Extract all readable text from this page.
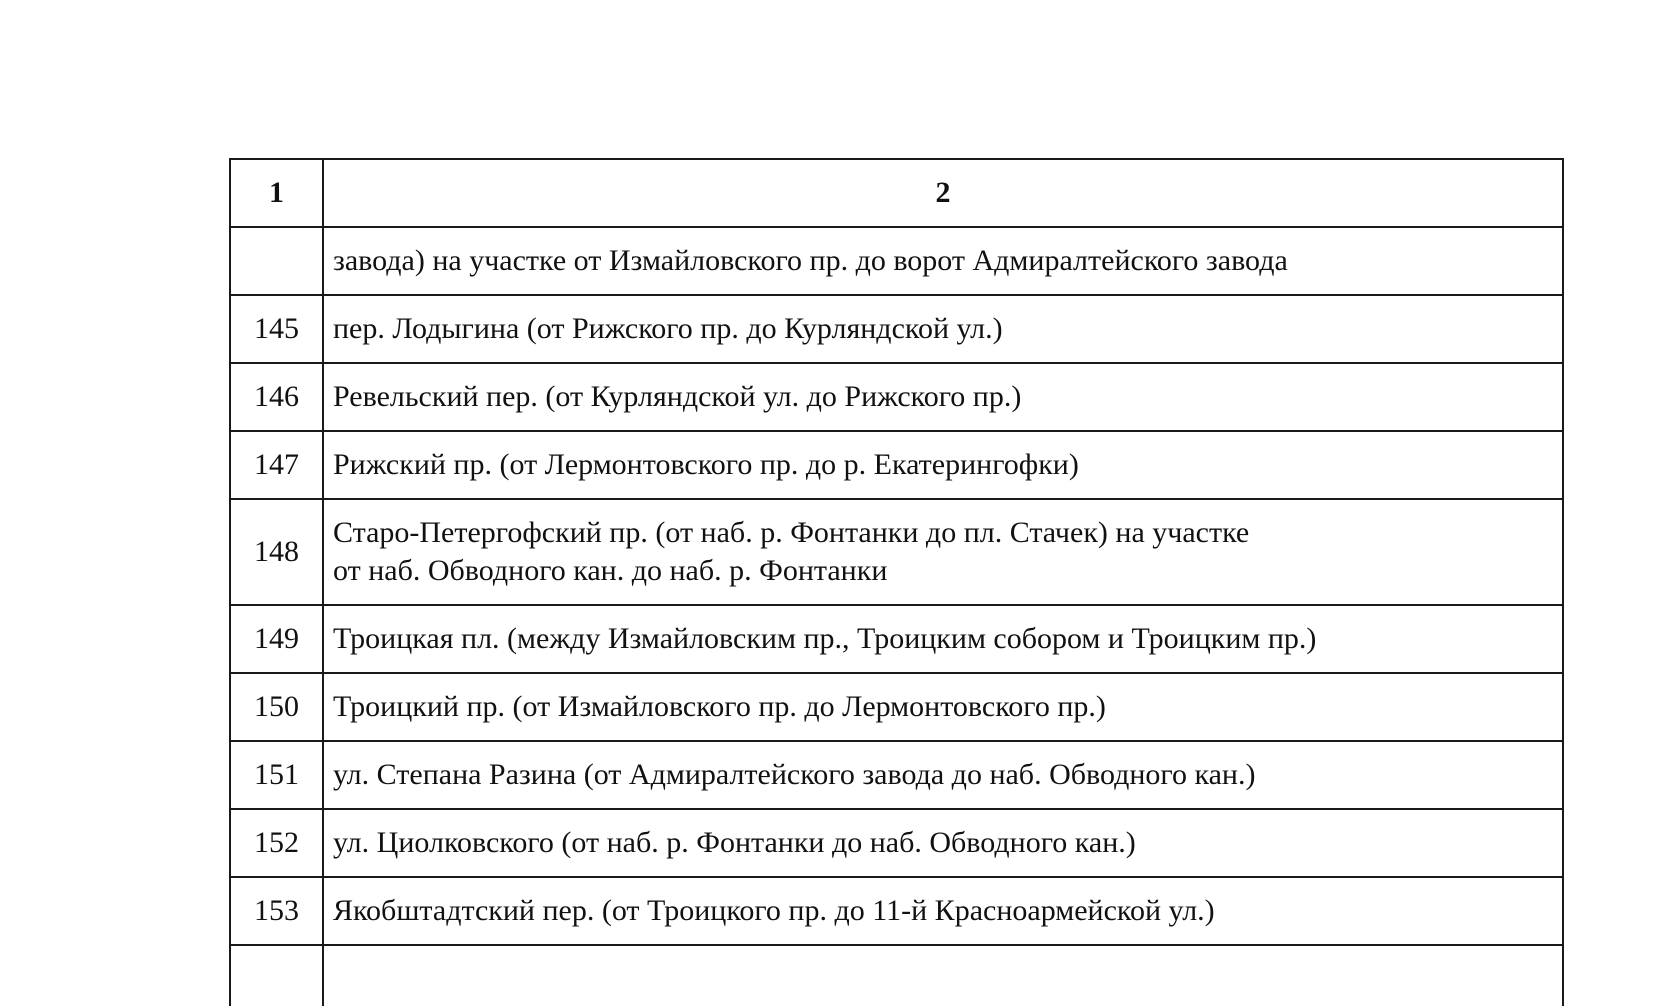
1	2
	завода) на участке от Измайловского пр. до ворот Адмиралтейского завода
145	пер. Лодыгина (от Рижского пр. до Курляндской ул.)
146	Ревельский пер. (от Курляндской ул. до Рижского пр.)
147	Рижский пр. (от Лермонтовского пр. до р. Екатерингофки)
148	Старо-Петергофский пр. (от наб. р. Фонтанки до пл. Стачек) на участке
от наб. Обводного кан. до наб. р. Фонтанки

149	Троицкая пл. (между Измайловским пр., Троицким собором и Троицким пр.)
150	Троицкий пр. (от Измайловского пр. до Лермонтовского пр.)
151	ул. Степана Разина (от Адмиралтейского завода до наб. Обводного кан.)
152	ул. Циолковского (от наб. р. Фонтанки до наб. Обводного кан.)
153	Якобштадтский пер. (от Троицкого пр. до 11-й Красноармейской ул.)
